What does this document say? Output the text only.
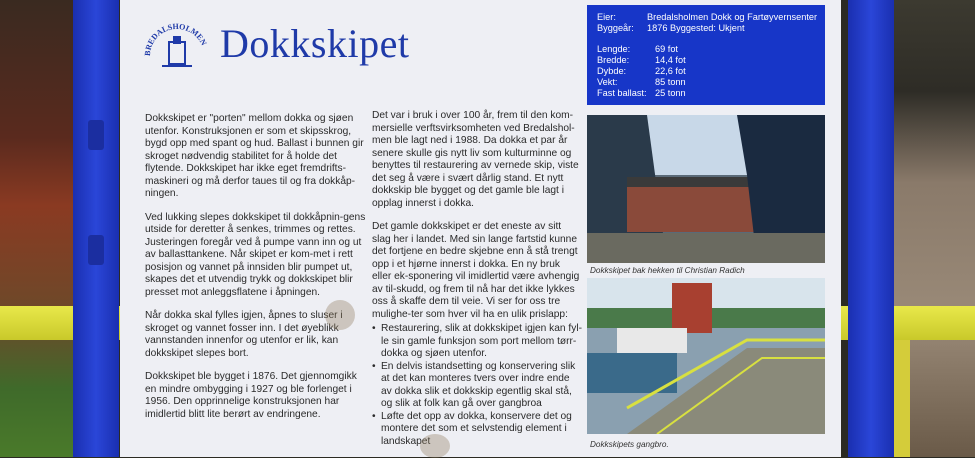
BREDALSHOLMEN Dokkskipet

Dokkskipet er "porten" mellom dokka og sjøen utenfor. Konstruksjonen er som et skipsskrog, bygd opp med spant og hud. Ballast i bunnen gir skroget nødvendig stabilitet for å holde det flytende. Dokkskipet har ikke eget fremdrifts-maskineri og må derfor taues til og fra dokkåp-ningen.

Ved lukking slepes dokkskipet til dokkåpnin-gens utside for deretter å senkes, trimmes og rettes. Justeringen foregår ved å pumpe vann inn og ut av ballasttankene. Når skipet er kom-met i rett posisjon og vannet på innsiden blir pumpet ut, skapes det et utvendig trykk og dokkskipet blir presset mot anleggsflatene i åpningen.

Når dokka skal fylles igjen, åpnes to sluser i skroget og vannet fosser inn. I det øyeblikk vannstanden innenfor og utenfor er lik, kan dokkskipet slepes bort.

Dokkskipet ble bygget i 1876. Det gjennomgikk en mindre ombygging i 1927 og ble forlenget i 1956. Den opprinnelige konstruksjonen har imidlertid blitt lite berørt av endringene.

Det var i bruk i over 100 år, frem til den kom-mersielle verftsvirksomheten ved Bredalshol-men ble lagt ned i 1988. Da dokka et par år senere skulle gis nytt liv som kulturminne og benyttes til restaurering av vernede skip, viste det seg å være i svært dårlig stand. Et nytt dokkskip ble bygget og det gamle ble lagt i opplag innerst i dokka.

Det gamle dokkskipet er det eneste av sitt slag her i landet. Med sin lange fartstid kunne det fortjene en bedre skjebne enn å stå trengt opp i et hjørne innerst i dokka. En ny bruk eller ek-sponering vil imidlertid være avhengig av til-skudd, og frem til nå har det ikke lykkes oss å skaffe dem til veie. Vi ser for oss tre mulighe-ter som hver vil ha en ulik prislapp:

• Restaurering, slik at dokkskipet igjen kan fyl-le sin gamle funksjon som port mellom tørr-dokka og sjøen utenfor.
• En delvis istandsetting og konservering slik at det kan monteres tvers over indre ende av dokka slik et dokkskip egentlig skal stå, og slik at folk kan gå over gangbroa
• Løfte det opp av dokka, konservere det og montere det som et selvstendig element i landskapet
Eier:	Bredalsholmen Dokk og Fartøyvernsenter
Byggeår: 1876 Byggested: Ukjent
Lengde:	69 fot
Bredde:	14,4 fot
Dybde:	22,6 fot
Vekt:	85 tonn
Fast ballast: 25 tonn
Dokkskipet bak hekken til Christian Radich
Dokkskipets gangbro.
